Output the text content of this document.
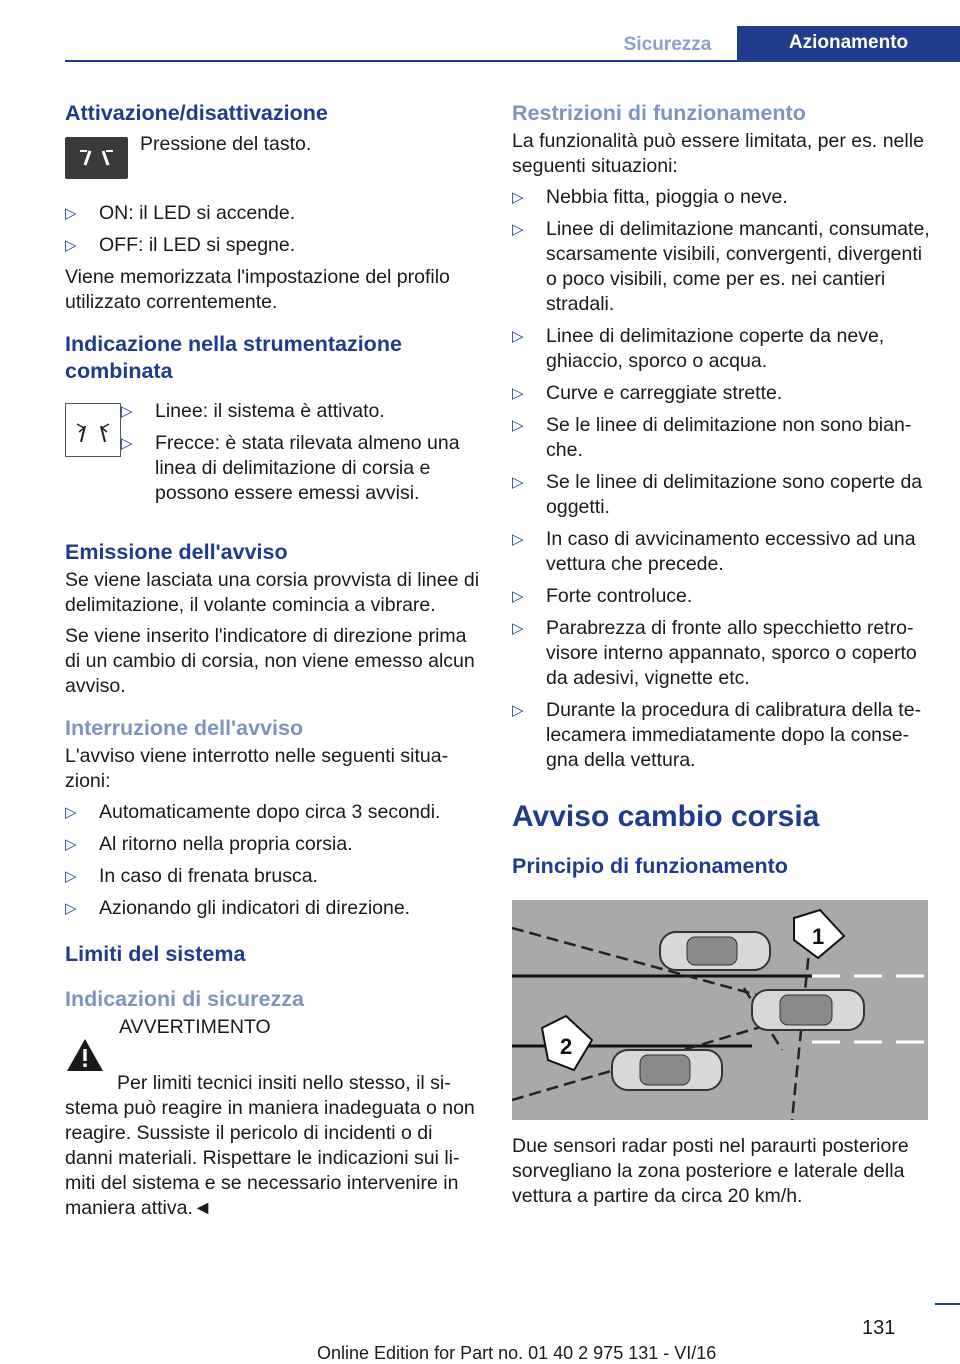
Sicurezza	Azionamento
Attivazione/disattivazione
Pressione del tasto.
▷ ON: il LED si accende.
▷ OFF: il LED si spegne.

Viene memorizzata l'impostazione del profilo utilizzato correntemente.

Indicazione nella strumentazione combinata
▷ Linee: il sistema è attivato.
▷ Frecce: è stata rilevata almeno una linea di delimitazione di corsia e possono essere emessi avvisi.
Emissione dell'avviso

Se viene lasciata una corsia provvista di linee di delimitazione, il volante comincia a vibrare.

Se viene inserito l'indicatore di direzione prima di un cambio di corsia, non viene emesso alcun avviso.

Interruzione dell'avviso

L'avviso viene interrotto nelle seguenti situazioni:

▷ Automaticamente dopo circa 3 secondi.
▷ Al ritorno nella propria corsia.
▷ In caso di frenata brusca.
▷ Azionando gli indicatori di direzione.
Limiti del sistema
Indicazioni di sicurezza

AVVERTIMENTO

Per limiti tecnici insiti nello stesso, il sistema può reagire in maniera inadeguata o non reagire. Sussiste il pericolo di incidenti o di danni materiali. Rispettare le indicazioni sui limiti del sistema e se necessario intervenire in maniera attiva.◄

Restrizioni di funzionamento

La funzionalità può essere limitata, per es. nelle seguenti situazioni:

▷ Nebbia fitta, pioggia o neve.
▷ Linee di delimitazione mancanti, consumate, scarsamente visibili, convergenti, divergenti o poco visibili, come per es. nei cantieri stradali.
▷ Linee di delimitazione coperte da neve, ghiaccio, sporco o acqua.
▷ Curve e carreggiate strette.
▷ Se le linee di delimitazione non sono bianche.
▷ Se le linee di delimitazione sono coperte da oggetti.
▷ In caso di avvicinamento eccessivo ad una vettura che precede.
▷ Forte controluce.
▷ Parabrezza di fronte allo specchietto retrovisore interno appannato, sporco o coperto da adesivi, vignette etc.
▷ Durante la procedura di calibratura della telecamera immediatamente dopo la consegna della vettura.
Avviso cambio corsia
Principio di funzionamento
1
2

Due sensori radar posti nel paraurti posteriore sorvegliano la zona posteriore e laterale della vettura a partire da circa 20 km/h.

131
Online Edition for Part no. 01 40 2 975 131 - VI/16
